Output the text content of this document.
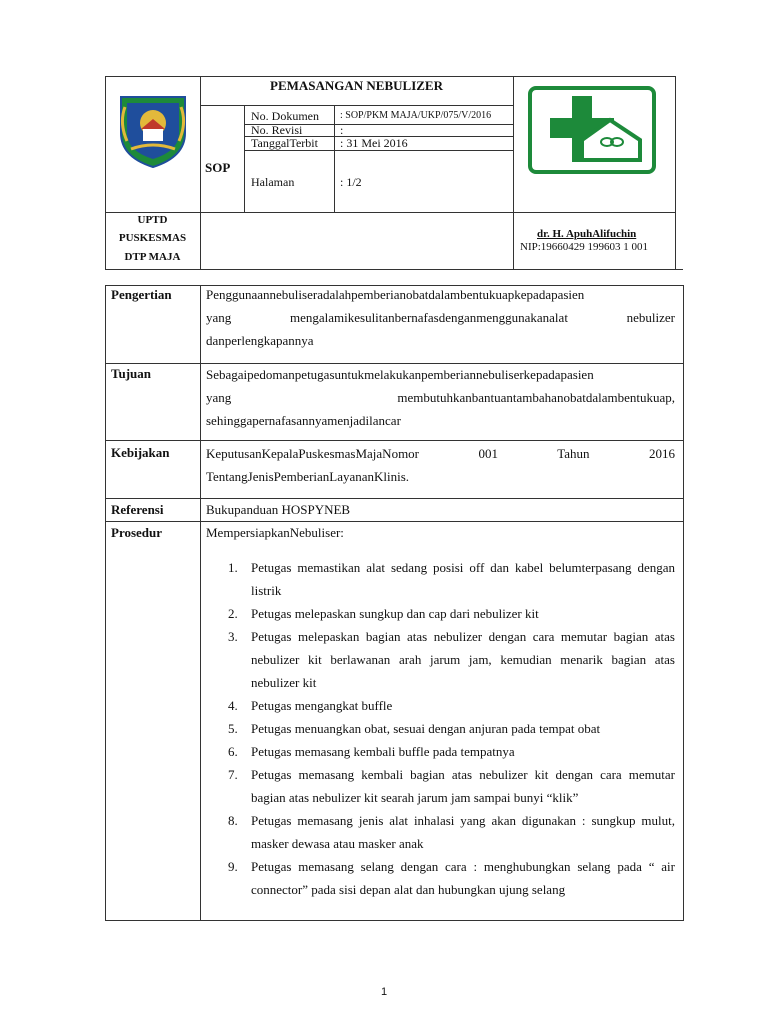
PEMASANGAN NEBULIZER
SOP
No. Dokumen : SOP/PKM MAJA/UKP/075/V/2016
No. Revisi	:
TanggalTerbit : 31 Mei 2016
Halaman	: 1/2
UPTD
PUSKESMAS
DTP MAJA
dr. H. ApuhAlifuchin
NIP:19660429 199603 1 001
Pengertian	Penggunaannebuliseradalahpemberianobatdalambentukuapkepadapasien
yang mengalamikesulitanbernafasdenganmenggunakanalat nebulizer
danperlengkapannya
Tujuan	Sebagaipedomanpetugasuntukmelakukanpemberiannebuliserkepadapasien
yang membutuhkanbantuantambahanobatdalambentukuap,
sehinggapernafasannyamenjadilancar
Kebijakan	KeputusanKepalaPuskesmasMajaNomor 001 Tahun 2016
TentangJenisPemberianLayananKlinis.
Referensi	Bukupanduan HOSPYNEB
Prosedur	MempersiapkanNebuliser:
1. Petugas memastikan alat sedang posisi off dan kabel belumterpasang dengan listrik
2. Petugas melepaskan sungkup dan cap dari nebulizer kit
3. Petugas melepaskan bagian atas nebulizer dengan cara memutar bagian atas nebulizer kit berlawanan arah jarum jam, kemudian menarik bagian atas nebulizer kit
4. Petugas mengangkat buffle
5. Petugas menuangkan obat, sesuai dengan anjuran pada tempat obat
6. Petugas memasang kembali buffle pada tempatnya
7. Petugas memasang kembali bagian atas nebulizer kit dengan cara memutar bagian atas nebulizer kit searah jarum jam sampai bunyi “klik”
8. Petugas memasang jenis alat inhalasi yang akan digunakan : sungkup mulut, masker dewasa atau masker anak
9. Petugas memasang selang dengan cara : menghubungkan selang pada “ air connector” pada sisi depan alat dan hubungkan ujung selang
1
